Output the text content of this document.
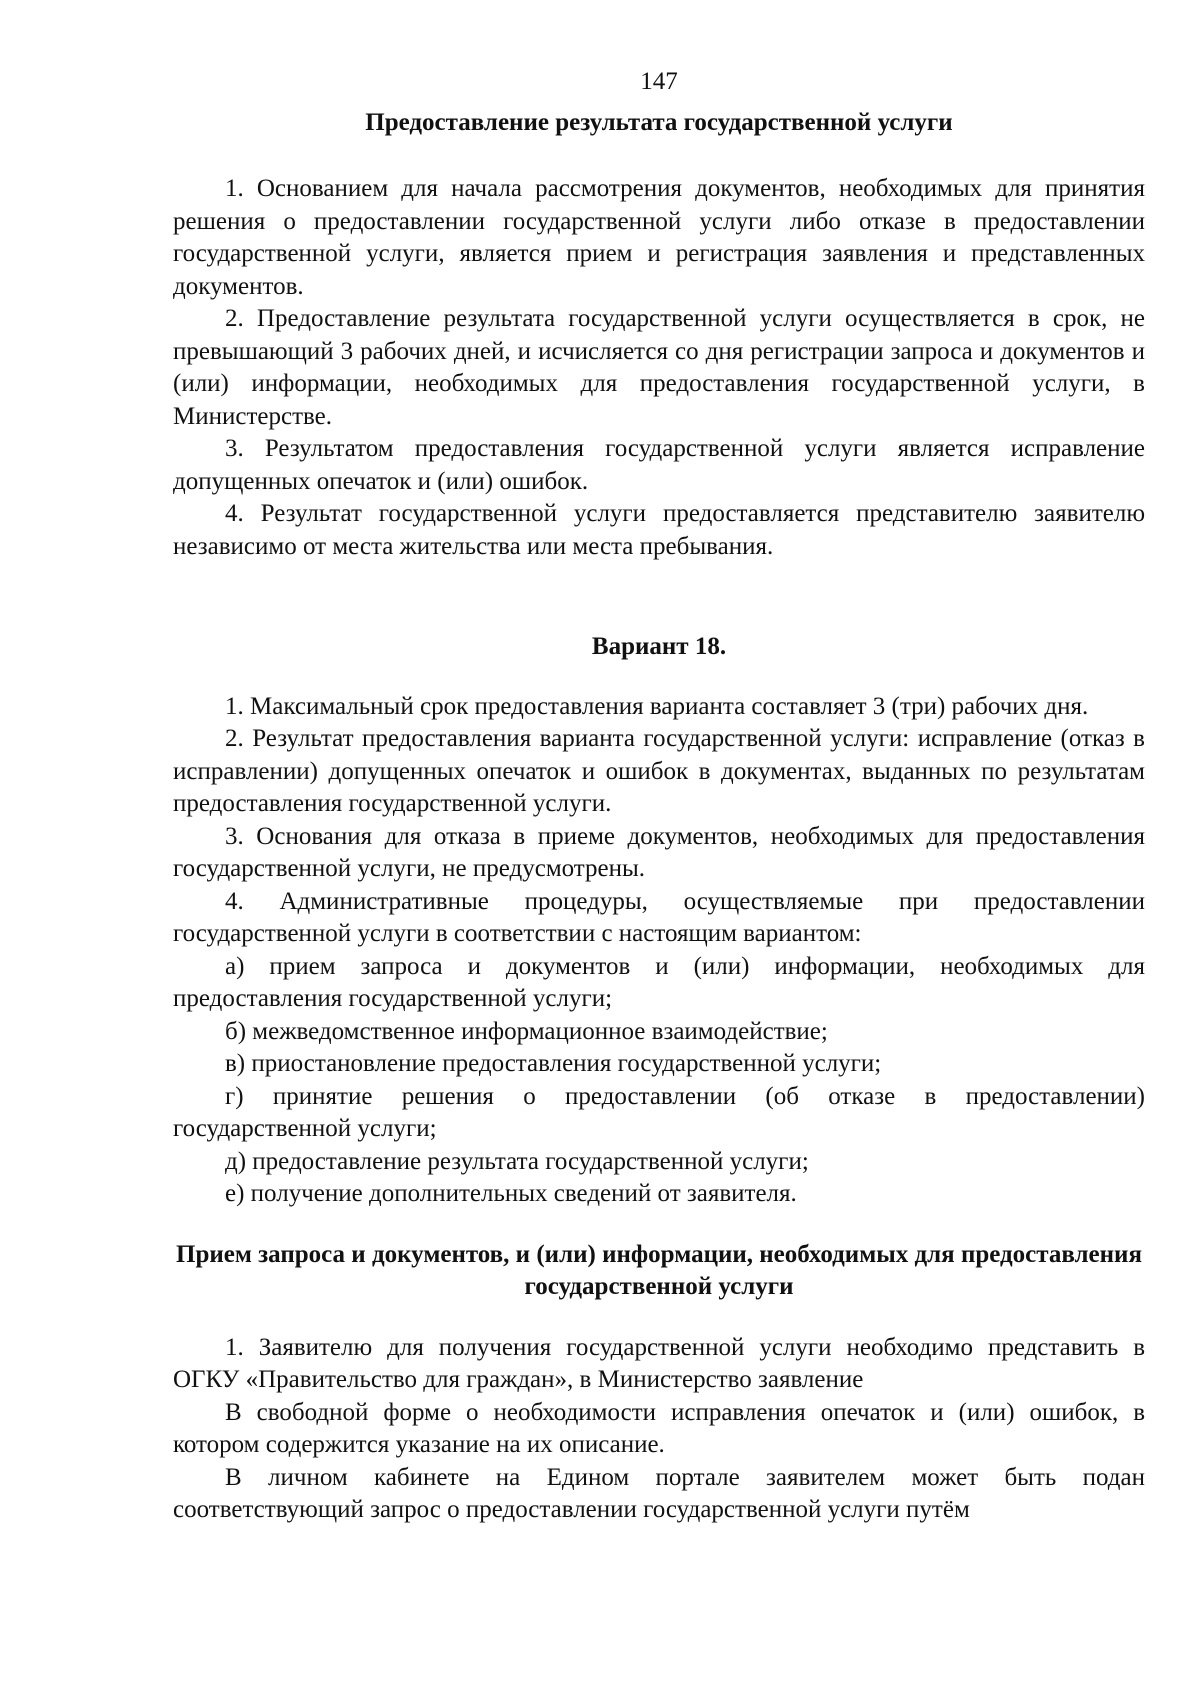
147
Предоставление результата государственной услуги

1. Основанием для начала рассмотрения документов, необходимых для принятия решения о предоставлении государственной услуги либо отказе в предоставлении государственной услуги, является прием и регистрация заявления и представленных документов.

2. Предоставление результата государственной услуги осуществляется в срок, не превышающий 3 рабочих дней, и исчисляется со дня регистрации запроса и документов и (или) информации, необходимых для предоставления государственной услуги, в Министерстве.

3. Результатом предоставления государственной услуги является исправление допущенных опечаток и (или) ошибок.

4. Результат государственной услуги предоставляется представителю заявителю независимо от места жительства или места пребывания.

Вариант 18.

1. Максимальный срок предоставления варианта составляет 3 (три) рабочих дня.

2. Результат предоставления варианта государственной услуги: исправление (отказ в исправлении) допущенных опечаток и ошибок в документах, выданных по результатам предоставления государственной услуги.

3. Основания для отказа в приеме документов, необходимых для предоставления государственной услуги, не предусмотрены.

4. Административные процедуры, осуществляемые при предоставлении государственной услуги в соответствии с настоящим вариантом:

а) прием запроса и документов и (или) информации, необходимых для предоставления государственной услуги;

б) межведомственное информационное взаимодействие;

в) приостановление предоставления государственной услуги;

г) принятие решения о предоставлении (об отказе в предоставлении) государственной услуги;

д) предоставление результата государственной услуги;

е) получение дополнительных сведений от заявителя.

Прием запроса и документов, и (или) информации, необходимых для предоставления государственной услуги

1. Заявителю для получения государственной услуги необходимо представить в ОГКУ «Правительство для граждан», в Министерство заявление

В свободной форме о необходимости исправления опечаток и (или) ошибок, в котором содержится указание на их описание.

В личном кабинете на Едином портале заявителем может быть подан соответствующий запрос о предоставлении государственной услуги путём
